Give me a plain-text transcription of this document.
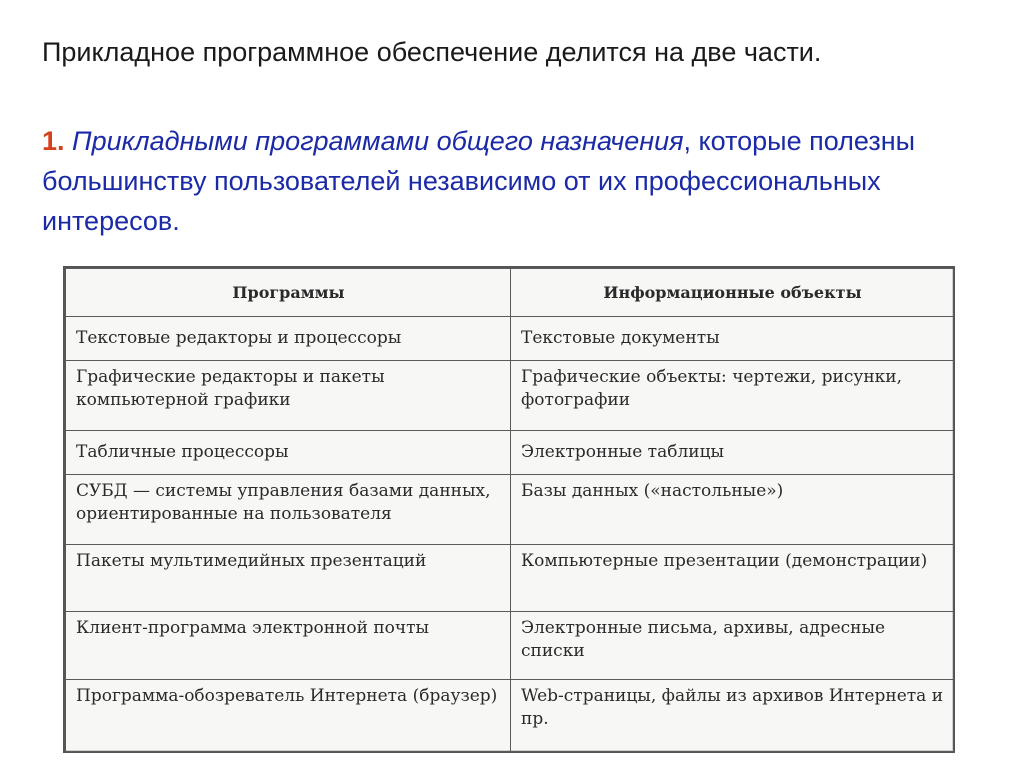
Прикладное программное обеспечение делится на две части.

1. Прикладными программами общего назначения, которые полезны большинству пользователей независимо от их профессиональных интересов.

Программы	Информационные объекты
Текстовые редакторы и процессоры	Текстовые документы
Графические редакторы и пакеты компьютерной графики	Графические объекты: чертежи, рисунки, фотографии
Табличные процессоры	Электронные таблицы
СУБД — системы управления базами данных, ориентированные на пользователя	Базы данных («настольные»)
Пакеты мультимедийных презентаций	Компьютерные презентации (демонстрации)
Клиент-программа электронной почты	Электронные письма, архивы, адресные списки
Программа-обозреватель Интернета (браузер)	Web-страницы, файлы из архивов Интернета и пр.
